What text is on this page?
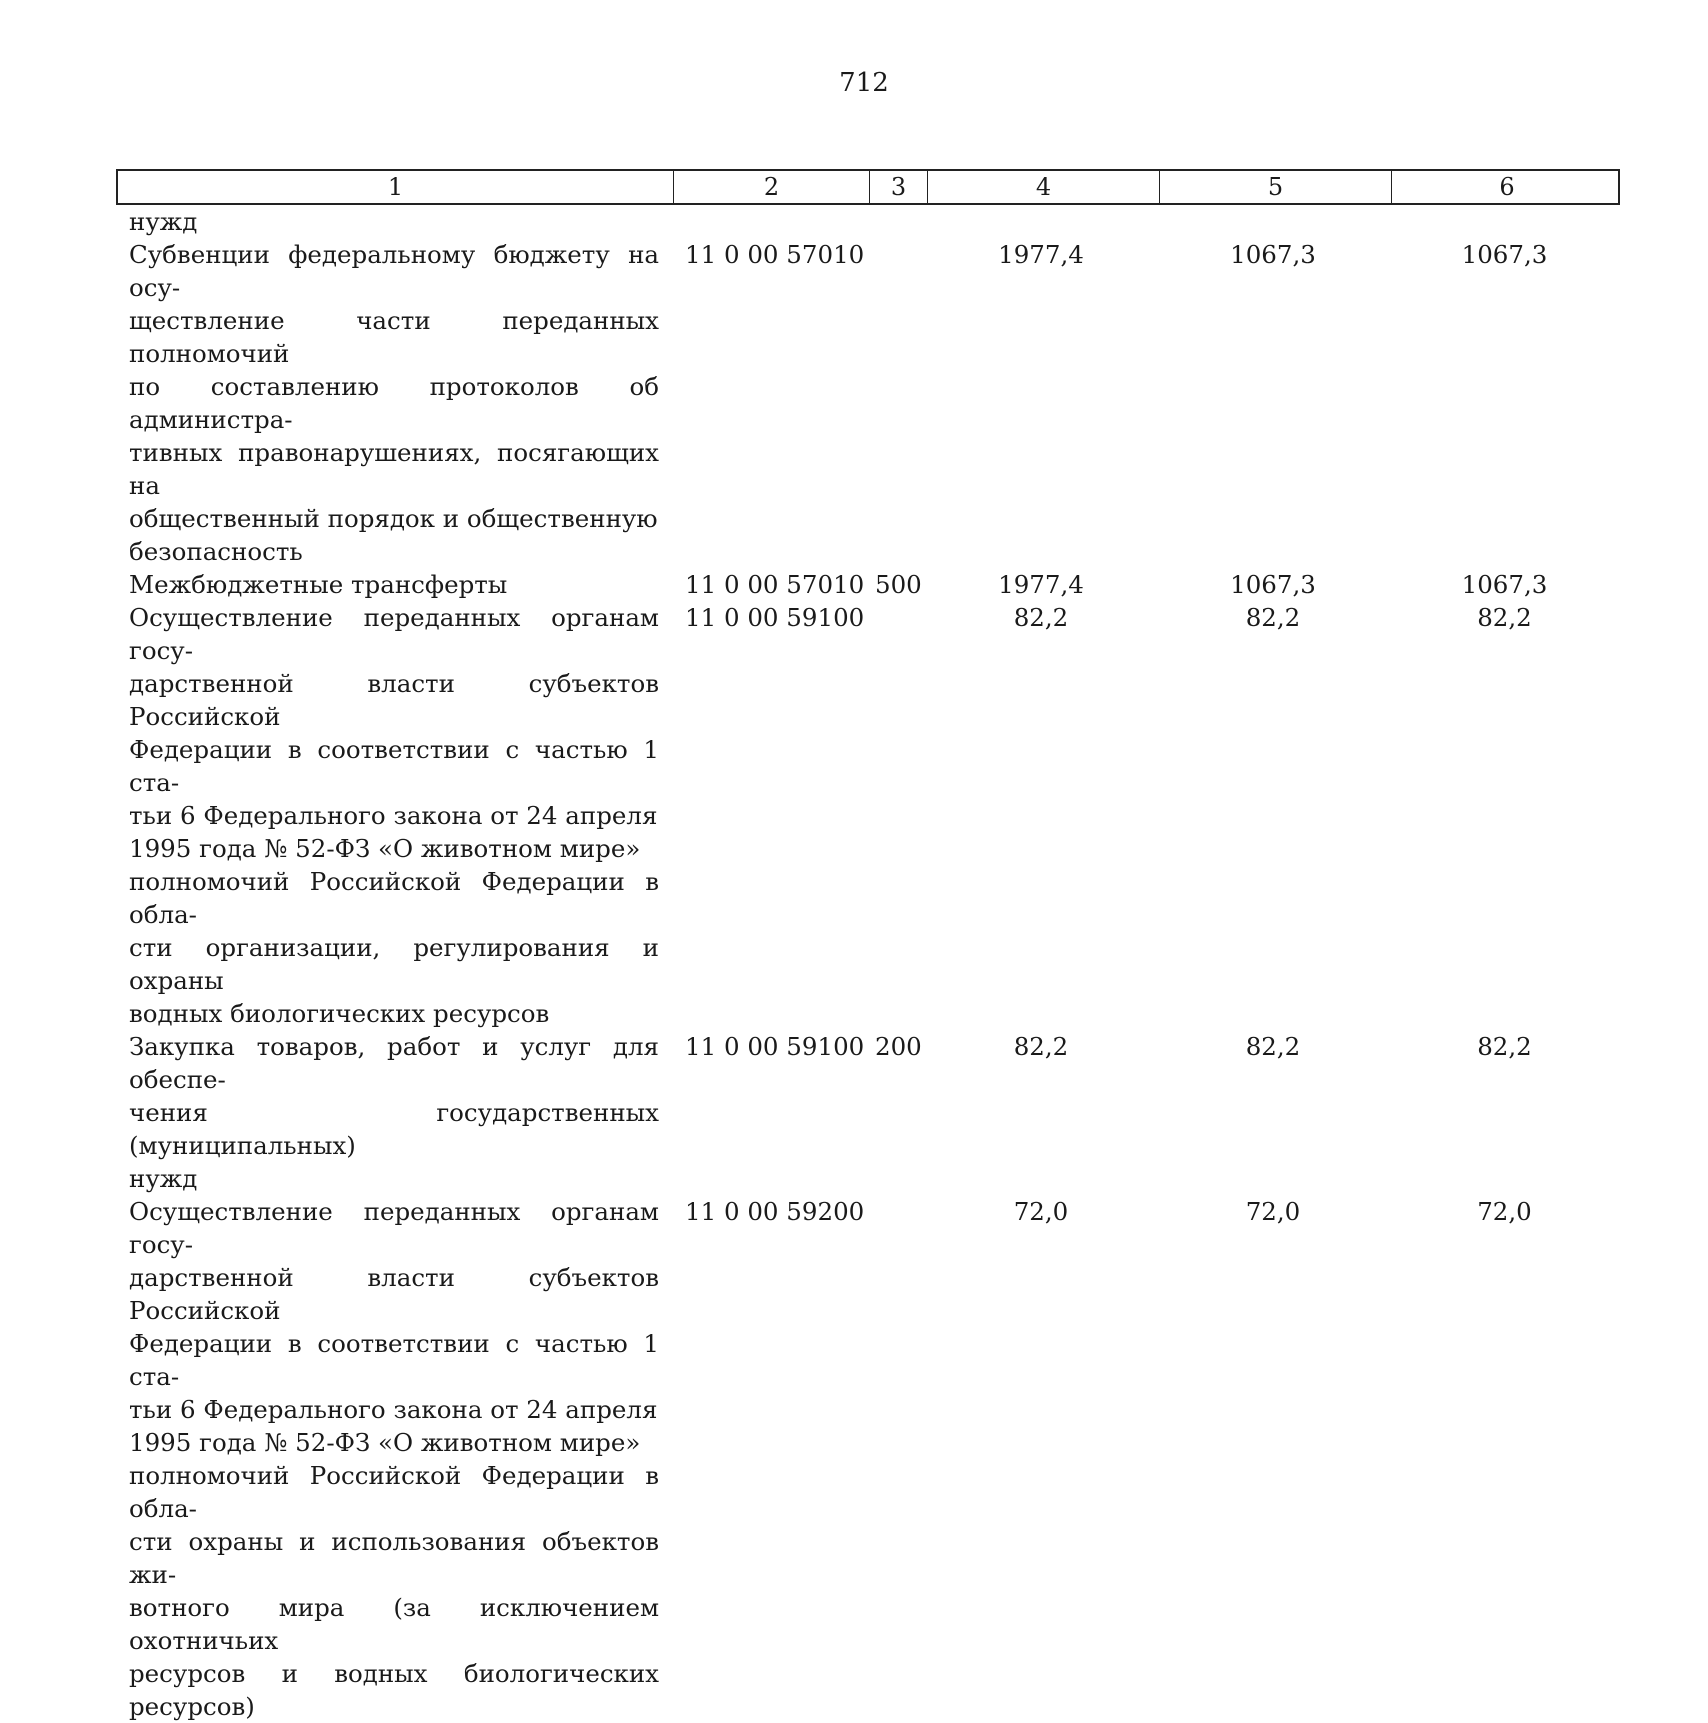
712
1	2	3	4	5	6
нужд
Субвенции федеральному бюджету на осу-
ществление части переданных полномочий
по составлению протоколов об администра-
тивных правонарушениях, посягающих на
общественный порядок и общественную
безопасность
11 0 00 57010	1977,4	1067,3	1067,3
Межбюджетные трансферты	11 0 00 57010 500	1977,4	1067,3	1067,3
Осуществление переданных органам госу-
дарственной власти субъектов Российской
Федерации в соответствии с частью 1 ста-
тьи 6 Федерального закона от 24 апреля
1995 года № 52-ФЗ «О животном мире»
полномочий Российской Федерации в обла-
сти организации, регулирования и охраны
водных биологических ресурсов
11 0 00 59100	82,2	82,2	82,2
Закупка товаров, работ и услуг для обеспе-
чения государственных (муниципальных)
нужд
11 0 00 59100 200	82,2	82,2	82,2
Осуществление переданных органам госу-
дарственной власти субъектов Российской
Федерации в соответствии с частью 1 ста-
тьи 6 Федерального закона от 24 апреля
1995 года № 52-ФЗ «О животном мире»
полномочий Российской Федерации в обла-
сти охраны и использования объектов жи-
вотного мира (за исключением охотничьих
ресурсов и водных биологических ресурсов)
11 0 00 59200	72,0	72,0	72,0
